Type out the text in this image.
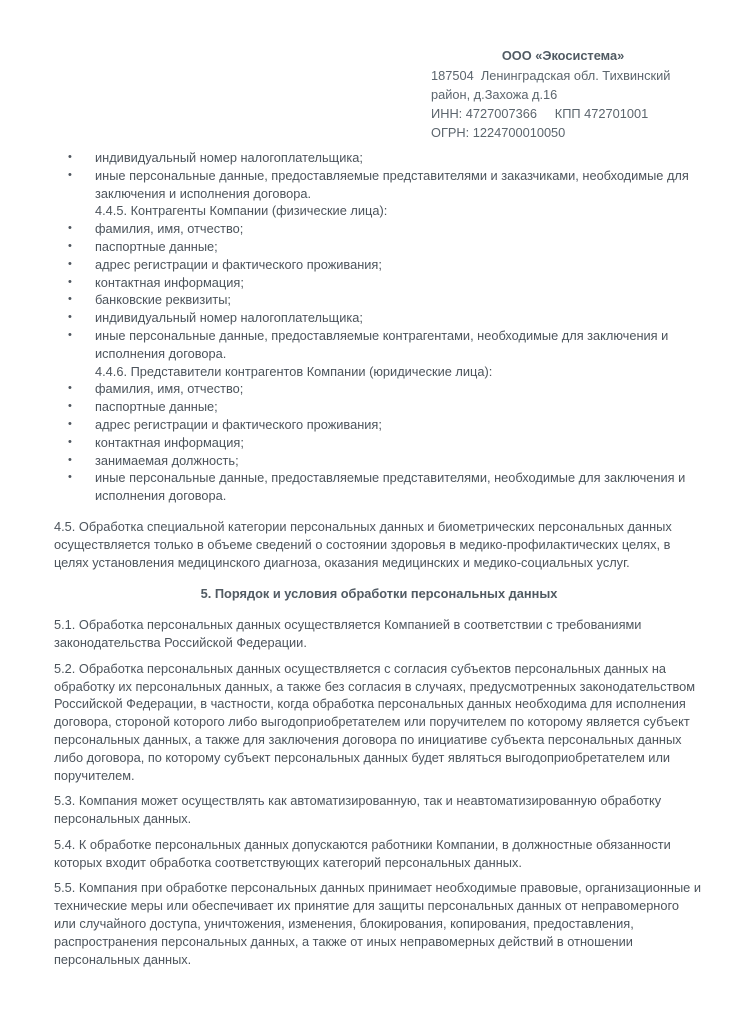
ООО «Экосистема»
187504  Ленинградская обл. Тихвинский
район, д.Захожа д.16
ИНН: 4727007366     КПП 472701001
ОГРН: 1224700010050
•	индивидуальный номер налогоплательщика;
•	иные персональные данные, предоставляемые представителями и заказчиками, необходимые для заключения и исполнения договора.
4.4.5. Контрагенты Компании (физические лица):
•	фамилия, имя, отчество;
•	паспортные данные;
•	адрес регистрации и фактического проживания;
•	контактная информация;
•	банковские реквизиты;
•	индивидуальный номер налогоплательщика;
•	иные персональные данные, предоставляемые контрагентами, необходимые для заключения и исполнения договора.
4.4.6. Представители контрагентов Компании (юридические лица):
•	фамилия, имя, отчество;
•	паспортные данные;
•	адрес регистрации и фактического проживания;
•	контактная информация;
•	занимаемая должность;
•	иные персональные данные, предоставляемые представителями, необходимые для заключения и исполнения договора.

4.5. Обработка специальной категории персональных данных и биометрических персональных данных осуществляется только в объеме сведений о состоянии здоровья в медико-профилактических целях, в целях установления медицинского диагноза, оказания медицинских и медико-социальных услуг.

5. Порядок и условия обработки персональных данных

5.1. Обработка персональных данных осуществляется Компанией в соответствии с требованиями законодательства Российской Федерации.

5.2. Обработка персональных данных осуществляется с согласия субъектов персональных данных на обработку их персональных данных, а также без согласия в случаях, предусмотренных законодательством Российской Федерации, в частности, когда обработка персональных данных необходима для исполнения договора, стороной которого либо выгодоприобретателем или поручителем по которому является субъект персональных данных, а также для заключения договора по инициативе субъекта персональных данных либо договора, по которому субъект персональных данных будет являться выгодоприобретателем или поручителем.

5.3. Компания может осуществлять как автоматизированную, так и неавтоматизированную обработку персональных данных.

5.4. К обработке персональных данных допускаются работники Компании, в должностные обязанности которых входит обработка соответствующих категорий персональных данных.

5.5. Компания при обработке персональных данных принимает необходимые правовые, организационные и технические меры или обеспечивает их принятие для защиты персональных данных от неправомерного или случайного доступа, уничтожения, изменения, блокирования, копирования, предоставления, распространения персональных данных, а также от иных неправомерных действий в отношении персональных данных.
